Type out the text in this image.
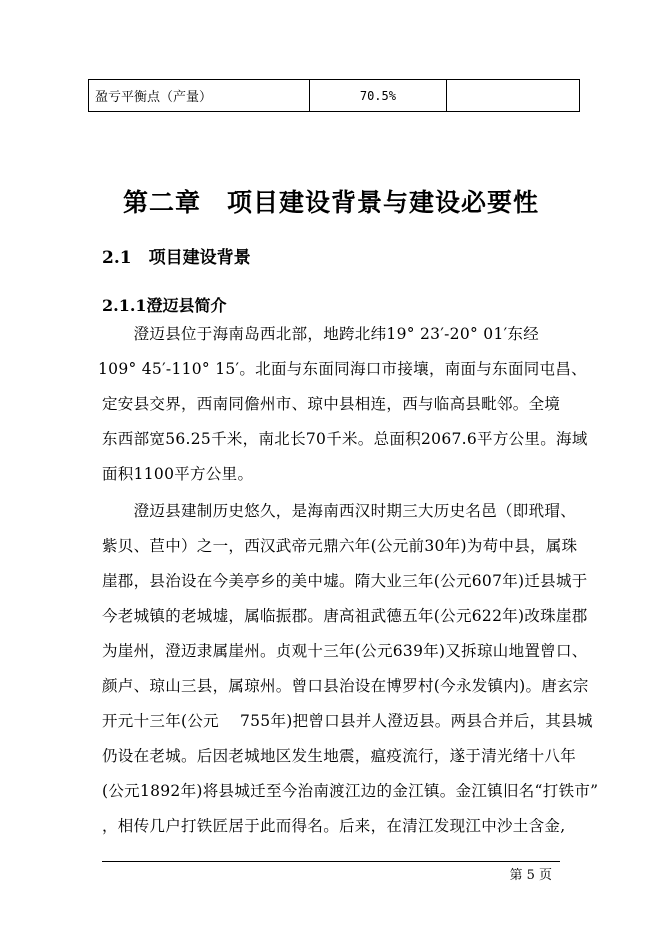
盈亏平衡点（产量）	70.5%	
第二章　项目建设背景与建设必要性
2.1　项目建设背景
2.1.1澄迈县简介
　　澄迈县位于海南岛西北部，地跨北纬19° 23′-20° 01′东经
109° 45′-110° 15′。北面与东面同海口市接壤，南面与东面同屯昌、
定安县交界，西南同儋州市、琼中县相连，西与临高县毗邻。全境
东西部宽56.25千米，南北长70千米。总面积2067.6平方公里。海域
面积1100平方公里。
　　澄迈县建制历史悠久，是海南西汉时期三大历史名邑（即玳瑁、
紫贝、苣中）之一，西汉武帝元鼎六年(公元前30年)为苟中县，属珠
崖郡，县治设在今美亭乡的美中墟。隋大业三年(公元607年)迁县城于
今老城镇的老城墟，属临振郡。唐高祖武德五年(公元622年)改珠崖郡
为崖州，澄迈隶属崖州。贞观十三年(公元639年)又拆琼山地置曾口、
颜卢、琼山三县，属琼州。曾口县治设在博罗村(今永发镇内)。唐玄宗
开元十三年(公元　 755年)把曾口县并人澄迈县。两县合并后，其县城
仍设在老城。后因老城地区发生地震，瘟疫流行，遂于清光绪十八年
(公元1892年)将县城迁至今治南渡江边的金江镇。金江镇旧名“打铁市”
，相传几户打铁匠居于此而得名。后来，在清江发现江中沙土含金,
第 5 页
